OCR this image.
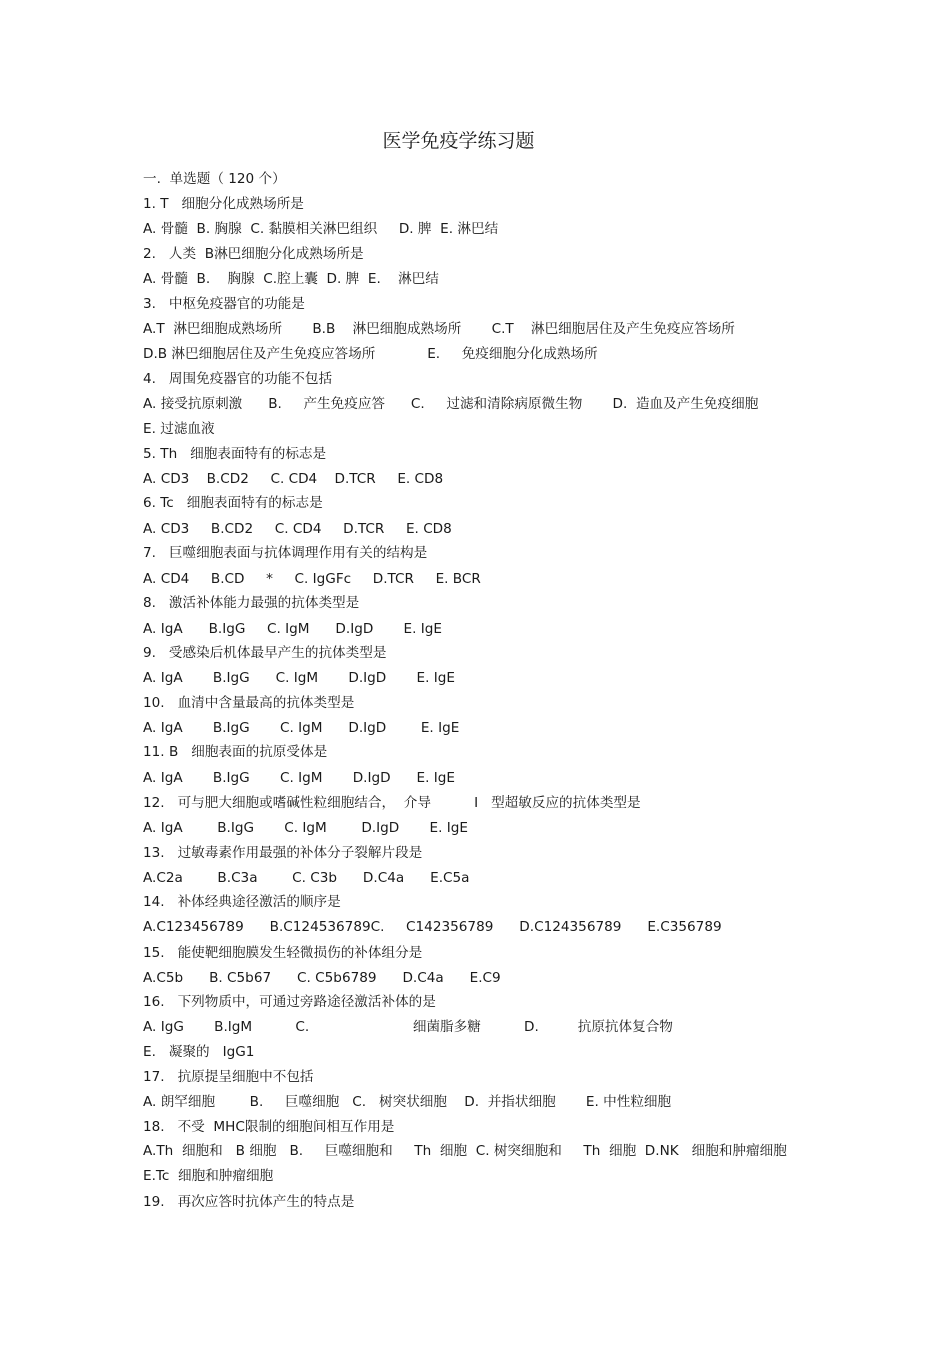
医学免疫学练习题
一.  单选题（ 120 个）
1. T   细胞分化成熟场所是
A. 骨髓  B. 胸腺  C. 黏膜相关淋巴组织     D. 脾  E. 淋巴结
2.   人类  B淋巴细胞分化成熟场所是
A. 骨髓  B.    胸腺  C.腔上囊  D. 脾  E.    淋巴结
3.   中枢免疫器官的功能是
A.T  淋巴细胞成熟场所       B.B    淋巴细胞成熟场所       C.T    淋巴细胞居住及产生免疫应答场所
D.B 淋巴细胞居住及产生免疫应答场所            E.     免疫细胞分化成熟场所
4.   周围免疫器官的功能不包括
A. 接受抗原刺激      B.     产生免疫应答      C.     过滤和清除病原微生物       D.  造血及产生免疫细胞
E. 过滤血液
5. Th   细胞表面特有的标志是
A. CD3    B.CD2     C. CD4    D.TCR     E. CD8
6. Tc   细胞表面特有的标志是
A. CD3     B.CD2     C. CD4     D.TCR     E. CD8
7.   巨噬细胞表面与抗体调理作用有关的结构是
A. CD4     B.CD     *     C. IgGFc     D.TCR     E. BCR
8.   激活补体能力最强的抗体类型是
A. IgA      B.IgG     C. IgM      D.IgD       E. IgE
9.   受感染后机体最早产生的抗体类型是
A. IgA       B.IgG      C. IgM       D.IgD       E. IgE
10.   血清中含量最高的抗体类型是
A. IgA       B.IgG       C. IgM      D.IgD        E. IgE
11. B   细胞表面的抗原受体是
A. IgA       B.IgG       C. IgM       D.IgD      E. IgE
12.   可与肥大细胞或嗜碱性粒细胞结合，  介导          I   型超敏反应的抗体类型是
A. IgA        B.IgG       C. IgM        D.IgD       E. IgE
13.   过敏毒素作用最强的补体分子裂解片段是
A.C2a        B.C3a        C. C3b      D.C4a      E.C5a
14.   补体经典途径激活的顺序是
A.C123456789      B.C124536789C.     C142356789      D.C124356789      E.C356789
15.   能使靶细胞膜发生轻微损伤的补体组分是
A.C5b      B. C5b67      C. C5b6789      D.C4a      E.C9
16.   下列物质中，可通过旁路途径激活补体的是
A. IgG       B.IgM          C.                        细菌脂多糖          D.         抗原抗体复合物
E.   凝聚的   IgG1
17.   抗原提呈细胞中不包括
A. 朗罕细胞        B.     巨噬细胞   C.   树突状细胞    D.  并指状细胞       E. 中性粒细胞
18.   不受  MHC限制的细胞间相互作用是
A.Th  细胞和   B 细胞   B.     巨噬细胞和     Th  细胞  C. 树突细胞和     Th  细胞  D.NK   细胞和肿瘤细胞
E.Tc  细胞和肿瘤细胞
19.   再次应答时抗体产生的特点是
